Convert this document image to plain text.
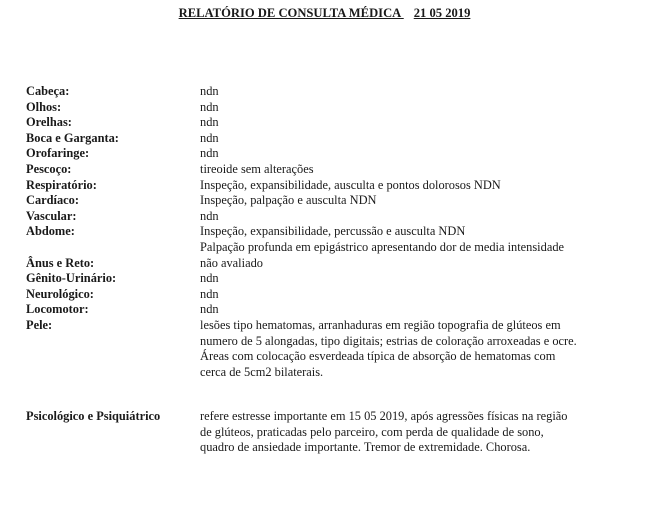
RELATÓRIO DE CONSULTA MÉDICA 21 05 2019
Cabeça:	ndn
Olhos:	ndn
Orelhas:	ndn
Boca e Garganta:	ndn
Orofaringe:	ndn
Pescoço:	tireoide sem alterações
Respiratório:	Inspeção, expansibilidade, ausculta e pontos dolorosos NDN
Cardíaco:	Inspeção, palpação e ausculta NDN
Vascular:	ndn
Abdome:	Inspeção, expansibilidade, percussão e ausculta NDN
Palpação profunda em epigástrico apresentando dor de media intensidade
Ânus e Reto:	não avaliado
Gênito-Urinário:	ndn
Neurológico:	ndn
Locomotor:	ndn
Pele:	lesões tipo hematomas, arranhaduras em região topografia de glúteos em
numero de 5 alongadas, tipo digitais; estrias de coloração arroxeadas e ocre.
Áreas com colocação esverdeada típica de absorção de hematomas com
cerca de 5cm2 bilaterais.
Psicológico e Psiquiátrico	refere estresse importante em 15 05 2019, após agressões físicas na região
de glúteos, praticadas pelo parceiro, com perda de qualidade de sono,
quadro de ansiedade importante. Tremor de extremidade. Chorosa.
